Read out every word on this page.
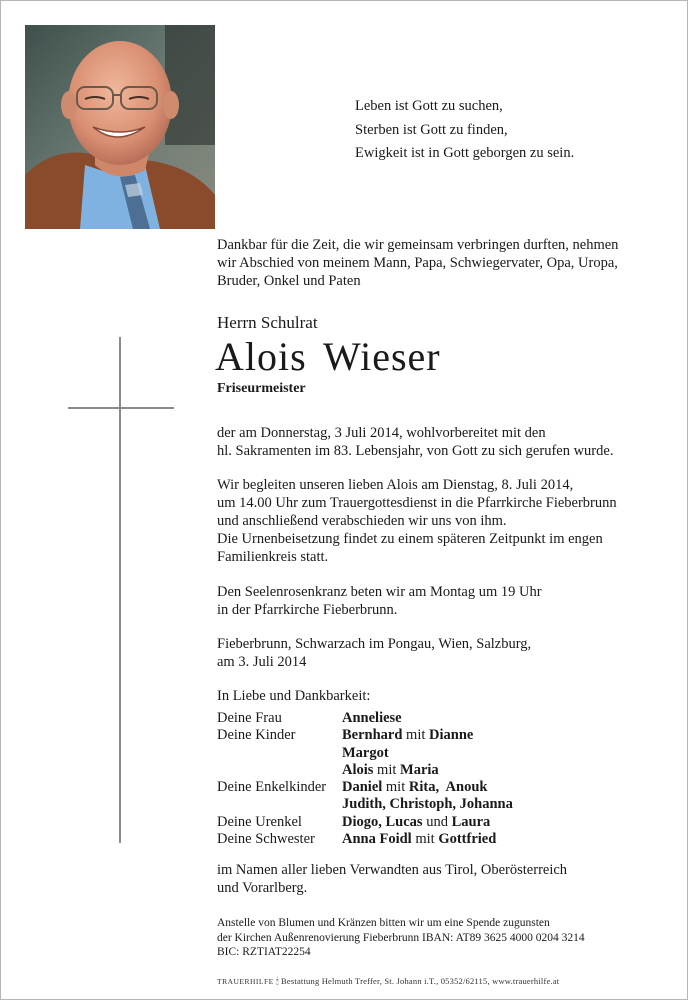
Leben ist Gott zu suchen,
Sterben ist Gott zu finden,
Ewigkeit ist in Gott geborgen zu sein.
Dankbar für die Zeit, die wir gemeinsam verbringen durften, nehmen
wir Abschied von meinem Mann, Papa, Schwiegervater, Opa, Uropa,
Bruder, Onkel und Paten
Herrn Schulrat
Alois Wieser
Friseurmeister
der am Donnerstag, 3 Juli 2014, wohlvorbereitet mit den
hl. Sakramenten im 83. Lebensjahr, von Gott zu sich gerufen wurde.
Wir begleiten unseren lieben Alois am Dienstag, 8. Juli 2014,
um 14.00 Uhr zum Trauergottesdienst in die Pfarrkirche Fieberbrunn
und anschließend verabschieden wir uns von ihm.
Die Urnenbeisetzung findet zu einem späteren Zeitpunkt im engen
Familienkreis statt.
Den Seelenrosenkranz beten wir am Montag um 19 Uhr
in der Pfarrkirche Fieberbrunn.
Fieberbrunn, Schwarzach im Pongau, Wien, Salzburg,
am 3. Juli 2014
In Liebe und Dankbarkeit:
Deine Frau	Anneliese
Deine Kinder	Bernhard mit Dianne
Margot
Alois mit Maria
Deine Enkelkinder	Daniel mit Rita,  Anouk
Judith, Christoph, Johanna
Deine Urenkel	Diogo, Lucas und Laura
Deine Schwester	Anna Foidl mit Gottfried
im Namen aller lieben Verwandten aus Tirol, Oberösterreich
und Vorarlberg.
Anstelle von Blumen und Kränzen bitten wir um eine Spende zugunsten
der Kirchen Außenrenovierung Fieberbrunn IBAN: AT89 3625 4000 0204 3214
BIC: RZTIAT22254
TRAUERHILFE 🕯︎ Bestattung Helmuth Treffer, St. Johann i.T., 05352/62115, www.trauerhilfe.at
